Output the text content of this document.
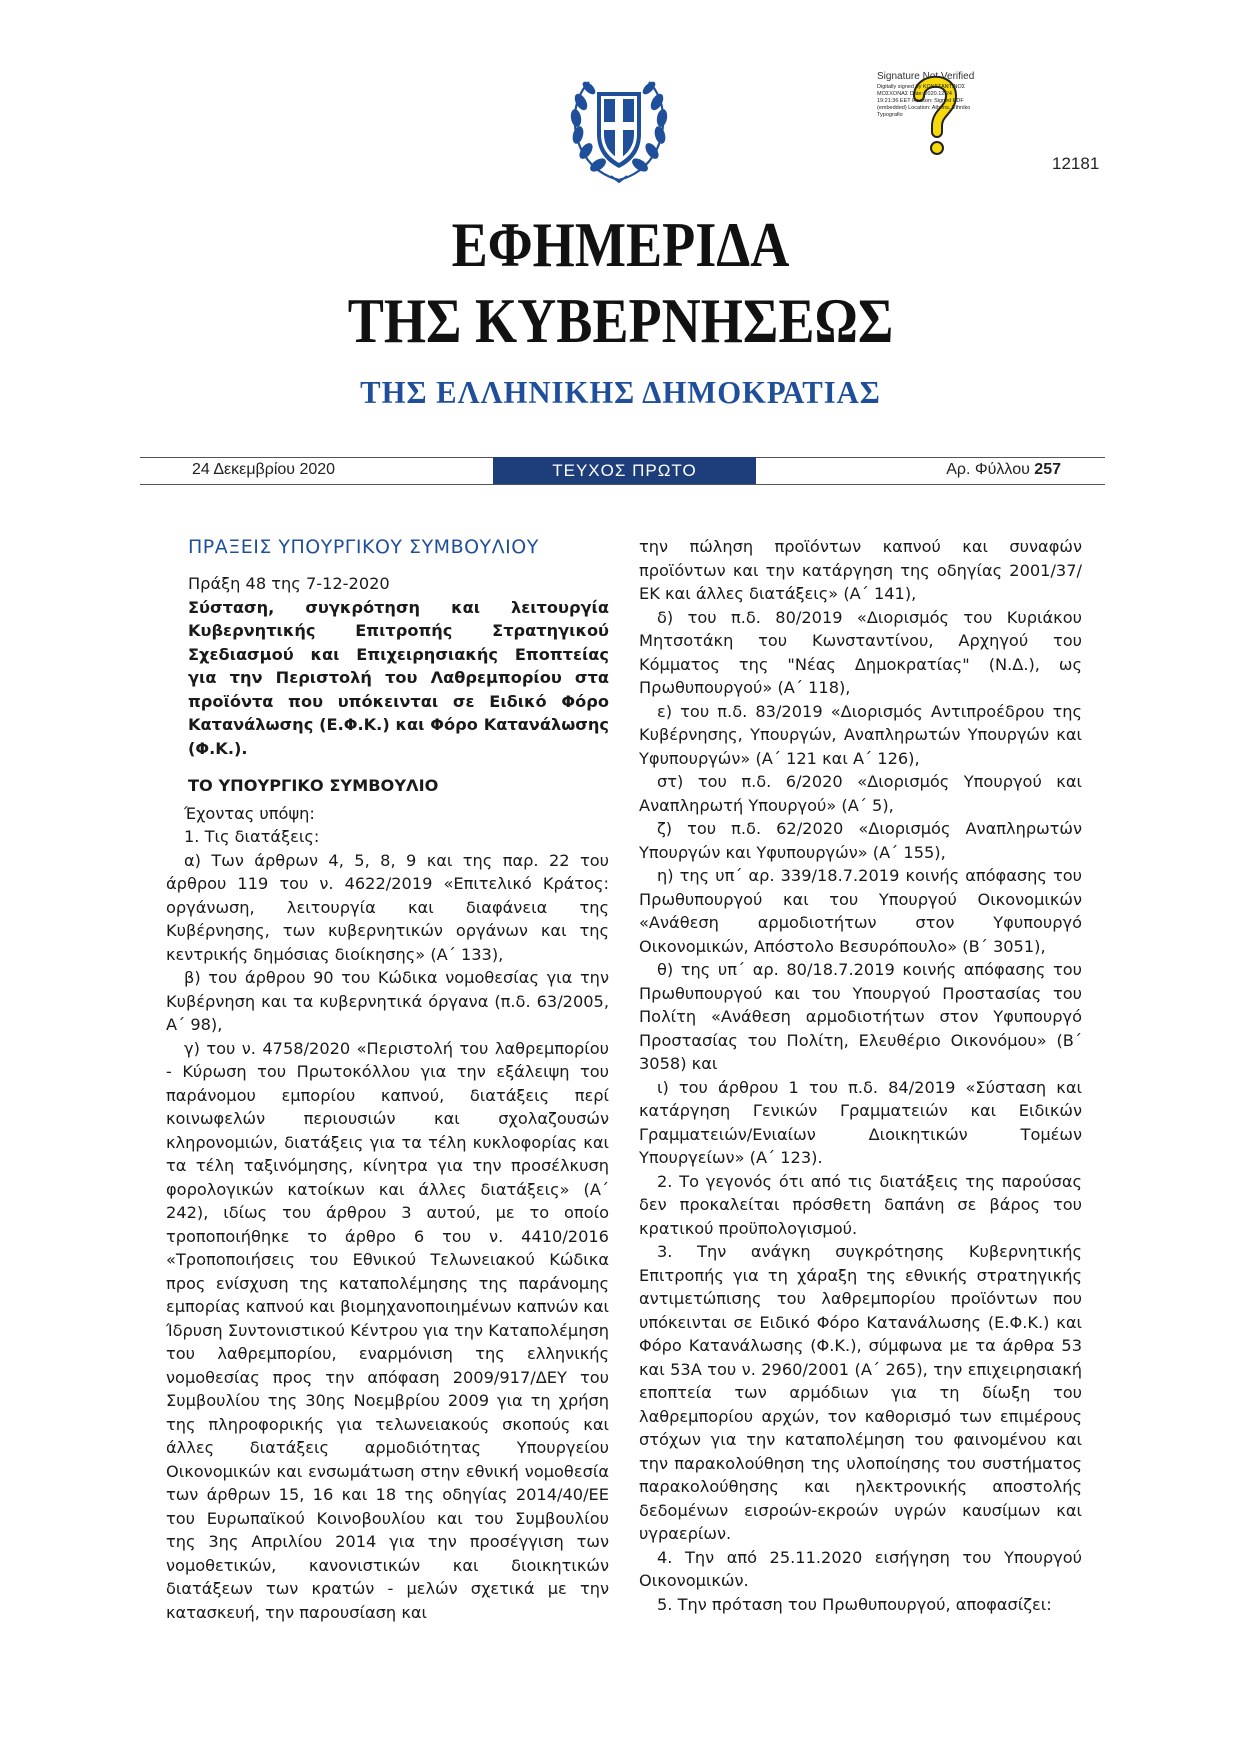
Signature Not Verified
Digitally signed by ΚΩΝΣΤΑΝΤΙΝΟΣ ΜΟΣΧΟΝΑΣ Date: 2020.12.24 19:21:36 EET Reason: Signed PDF (embedded) Location: Athens, Ethniko Typografio
12181
ΕΦΗΜΕΡΙΔΑ
ΤΗΣ ΚΥΒΕΡΝΗΣΕΩΣ
ΤΗΣ ΕΛΛΗΝΙΚΗΣ ΔΗΜΟΚΡΑΤΙΑΣ
24 Δεκεμβρίου 2020	ΤΕΥΧΟΣ ΠΡΩΤΟ	Αρ. Φύλλου 257

ΠΡΑΞΕΙΣ ΥΠΟΥΡΓΙΚΟΥ ΣΥΜΒΟΥΛΙΟΥ

Πράξη 48 της 7-12-2020

Σύσταση, συγκρότηση και λειτουργία Κυβερνητικής Επιτροπής Στρατηγικού Σχεδιασμού και Επιχειρησιακής Εποπτείας για την Περιστολή του Λαθρεμπορίου στα προϊόντα που υπόκεινται σε Ειδικό Φόρο Κατανάλωσης (Ε.Φ.Κ.) και Φόρο Κατανάλωσης (Φ.Κ.).

ΤΟ ΥΠΟΥΡΓΙΚΟ ΣΥΜΒΟΥΛΙΟ

Έχοντας υπόψη:

1. Τις διατάξεις:

α) Των άρθρων 4, 5, 8, 9 και της παρ. 22 του άρθρου 119 του ν. 4622/2019 «Επιτελικό Κράτος: οργάνωση, λειτουργία και διαφάνεια της Κυβέρνησης, των κυβερνητικών οργάνων και της κεντρικής δημόσιας διοίκησης» (Α΄ 133),

β) του άρθρου 90 του Κώδικα νομοθεσίας για την Κυβέρνηση και τα κυβερνητικά όργανα (π.δ. 63/2005, Α΄ 98),

γ) του ν. 4758/2020 «Περιστολή του λαθρεμπορίου - Κύρωση του Πρωτοκόλλου για την εξάλειψη του παράνομου εμπορίου καπνού, διατάξεις περί κοινωφελών περιουσιών και σχολαζουσών κληρονομιών, διατάξεις για τα τέλη κυκλοφορίας και τα τέλη ταξινόμησης, κίνητρα για την προσέλκυση φορολογικών κατοίκων και άλλες διατάξεις» (Α΄ 242), ιδίως του άρθρου 3 αυτού, με το οποίο τροποποιήθηκε το άρθρο 6 του ν. 4410/2016 «Τροποποιήσεις του Εθνικού Τελωνειακού Κώδικα προς ενίσχυση της καταπολέμησης της παράνομης εμπορίας καπνού και βιομηχανοποιημένων καπνών και Ίδρυση Συντονιστικού Κέντρου για την Καταπολέμηση του λαθρεμπορίου, εναρμόνιση της ελληνικής νομοθεσίας προς την απόφαση 2009/917/ΔΕΥ του Συμβουλίου της 30ης Νοεμβρίου 2009 για τη χρήση της πληροφορικής για τελωνειακούς σκοπούς και άλλες διατάξεις αρμοδιότητας Υπουργείου Οικονομικών και ενσωμάτωση στην εθνική νομοθεσία των άρθρων 15, 16 και 18 της οδηγίας 2014/40/ΕΕ του Ευρωπαϊκού Κοινοβουλίου και του Συμβουλίου της 3ης Απριλίου 2014 για την προσέγγιση των νομοθετικών, κανονιστικών και διοικητικών διατάξεων των κρατών - μελών σχετικά με την κατασκευή, την παρουσίαση και

την πώληση προϊόντων καπνού και συναφών προϊόντων και την κατάργηση της οδηγίας 2001/37/ΕΚ και άλλες διατάξεις» (Α΄ 141),

δ) του π.δ. 80/2019 «Διορισμός του Κυριάκου Μητσοτάκη του Κωνσταντίνου, Αρχηγού του Κόμματος της "Νέας Δημοκρατίας" (Ν.Δ.), ως Πρωθυπουργού» (Α΄ 118),

ε) του π.δ. 83/2019 «Διορισμός Αντιπροέδρου της Κυβέρνησης, Υπουργών, Αναπληρωτών Υπουργών και Υφυπουργών» (Α΄ 121 και Α΄ 126),

στ) του π.δ. 6/2020 «Διορισμός Υπουργού και Αναπληρωτή Υπουργού» (Α΄ 5),

ζ) του π.δ. 62/2020 «Διορισμός Αναπληρωτών Υπουργών και Υφυπουργών» (Α΄ 155),

η) της υπ΄ αρ. 339/18.7.2019 κοινής απόφασης του Πρωθυπουργού και του Υπουργού Οικονομικών «Ανάθεση αρμοδιοτήτων στον Υφυπουργό Οικονομικών, Απόστολο Βεσυρόπουλο» (Β΄ 3051),

θ) της υπ΄ αρ. 80/18.7.2019 κοινής απόφασης του Πρωθυπουργού και του Υπουργού Προστασίας του Πολίτη «Ανάθεση αρμοδιοτήτων στον Υφυπουργό Προστασίας του Πολίτη, Ελευθέριο Οικονόμου» (Β΄ 3058) και

ι) του άρθρου 1 του π.δ. 84/2019 «Σύσταση και κατάργηση Γενικών Γραμματειών και Ειδικών Γραμματειών/Ενιαίων Διοικητικών Τομέων Υπουργείων» (Α΄ 123).

2. Το γεγονός ότι από τις διατάξεις της παρούσας δεν προκαλείται πρόσθετη δαπάνη σε βάρος του κρατικού προϋπολογισμού.

3. Την ανάγκη συγκρότησης Κυβερνητικής Επιτροπής για τη χάραξη της εθνικής στρατηγικής αντιμετώπισης του λαθρεμπορίου προϊόντων που υπόκεινται σε Ειδικό Φόρο Κατανάλωσης (Ε.Φ.Κ.) και Φόρο Κατανάλωσης (Φ.Κ.), σύμφωνα με τα άρθρα 53 και 53Α του ν. 2960/2001 (Α΄ 265), την επιχειρησιακή εποπτεία των αρμόδιων για τη δίωξη του λαθρεμπορίου αρχών, τον καθορισμό των επιμέρους στόχων για την καταπολέμηση του φαινομένου και την παρακολούθηση της υλοποίησης του συστήματος παρακολούθησης και ηλεκτρονικής αποστολής δεδομένων εισροών-εκροών υγρών καυσίμων και υγραερίων.

4. Την από 25.11.2020 εισήγηση του Υπουργού Οικονομικών.

5. Την πρόταση του Πρωθυπουργού, αποφασίζει:
